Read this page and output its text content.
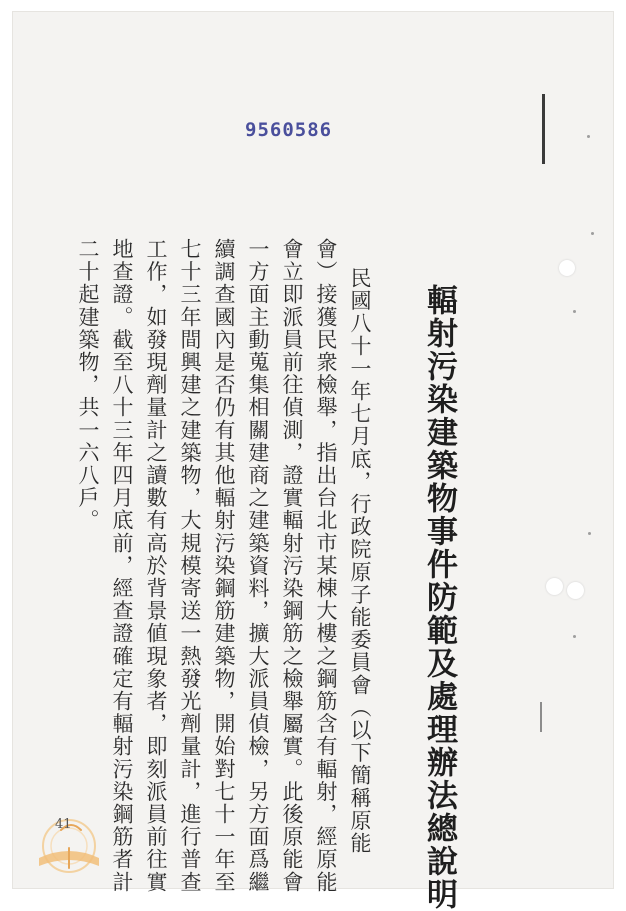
9560586
輻射污染建築物事件防範及處理辦法總說明
民國八十一年七月底，行政院原子能委員會（以下簡稱原能
會）接獲民衆檢舉，指出台北市某棟大樓之鋼筋含有輻射，經原能
會立即派員前往偵測，證實輻射污染鋼筋之檢舉屬實。此後原能會
一方面主動蒐集相關建商之建築資料，擴大派員偵檢，另方面爲繼
續調查國內是否仍有其他輻射污染鋼筋建築物，開始對七十一年至
七十三年間興建之建築物，大規模寄送一熱發光劑量計，進行普查
工作，如發現劑量計之讀數有高於背景値現象者，即刻派員前往實
地查證。截至八十三年四月底前，經查證確定有輻射污染鋼筋者計
二十起建築物，共一六八戶。
41
